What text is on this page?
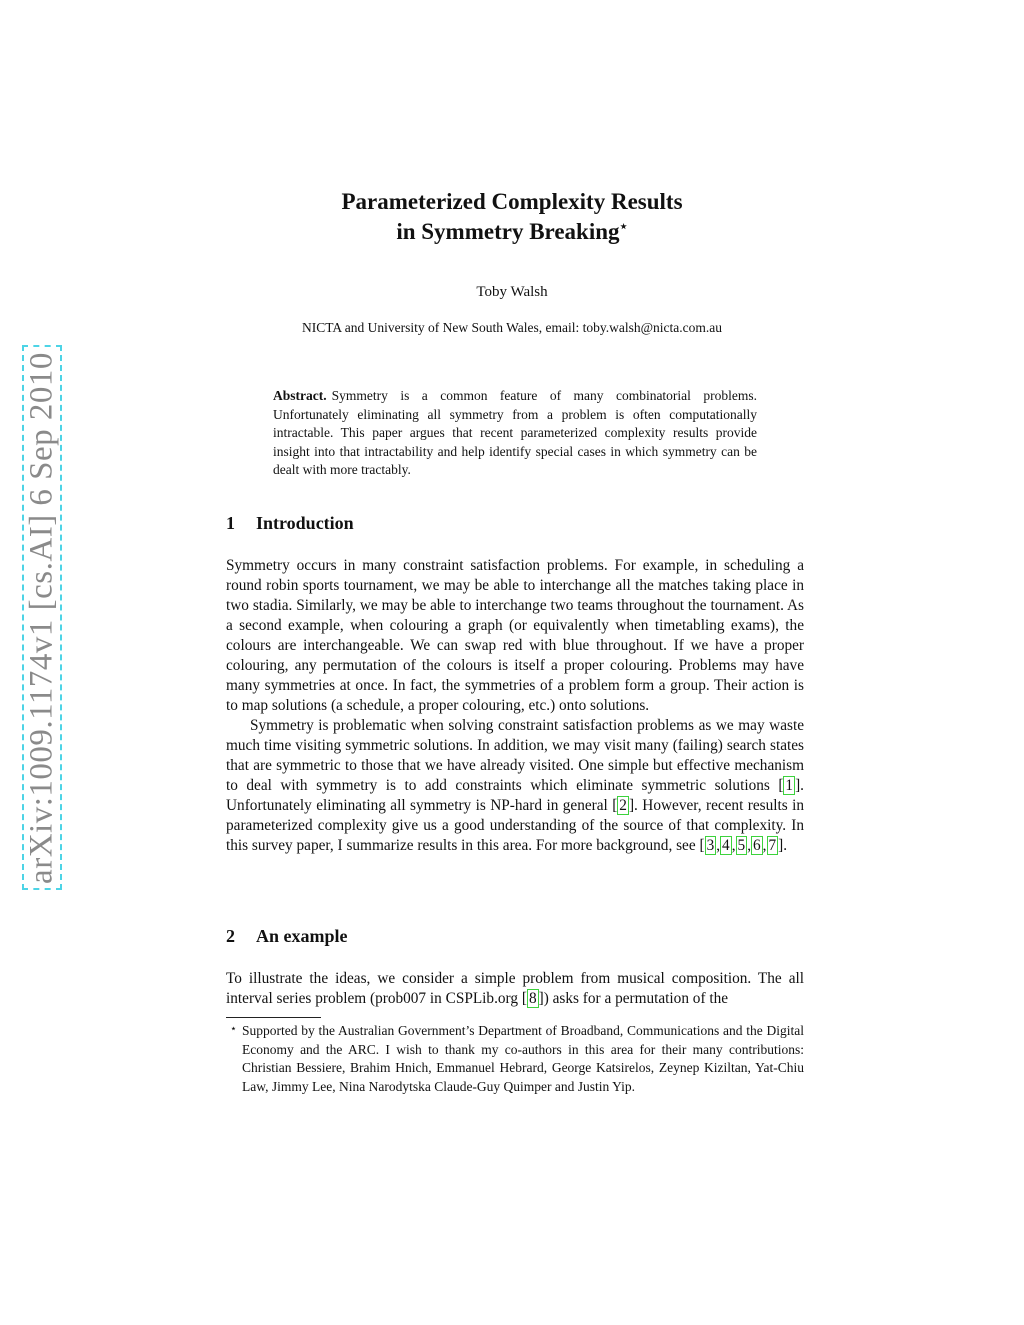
arXiv:1009.1174v1 [cs.AI] 6 Sep 2010
Parameterized Complexity Results
in Symmetry Breaking⋆
Toby Walsh
NICTA and University of New South Wales, email: toby.walsh@nicta.com.au
Abstract. Symmetry is a common feature of many combinatorial problems. Unfortunately eliminating all symmetry from a problem is often computationally intractable. This paper argues that recent parameterized complexity results provide insight into that intractability and help identify special cases in which symmetry can be dealt with more tractably.
1 Introduction

Symmetry occurs in many constraint satisfaction problems. For example, in scheduling a round robin sports tournament, we may be able to interchange all the matches taking place in two stadia. Similarly, we may be able to interchange two teams throughout the tournament. As a second example, when colouring a graph (or equivalently when timetabling exams), the colours are interchangeable. We can swap red with blue throughout. If we have a proper colouring, any permutation of the colours is itself a proper colouring. Problems may have many symmetries at once. In fact, the symmetries of a problem form a group. Their action is to map solutions (a schedule, a proper colouring, etc.) onto solutions.

Symmetry is problematic when solving constraint satisfaction problems as we may waste much time visiting symmetric solutions. In addition, we may visit many (failing) search states that are symmetric to those that we have already visited. One simple but effective mechanism to deal with symmetry is to add constraints which eliminate symmetric solutions [ 1 ]. Unfortunately eliminating all symmetry is NP-hard in general [ 2 ]. However, recent results in parameterized complexity give us a good understanding of the source of that complexity. In this survey paper, I summarize results in this area. For more background, see [ 3 , 4 , 5 , 6 , 7 ].

2 An example

To illustrate the ideas, we consider a simple problem from musical composition. The all interval series problem (prob007 in CSPLib.org [ 8 ]) asks for a permutation of the

⋆ Supported by the Australian Government’s Department of Broadband, Communications and the Digital Economy and the ARC. I wish to thank my co-authors in this area for their many contributions: Christian Bessiere, Brahim Hnich, Emmanuel Hebrard, George Katsirelos, Zeynep Kiziltan, Yat-Chiu Law, Jimmy Lee, Nina Narodytska Claude-Guy Quimper and Justin Yip.
